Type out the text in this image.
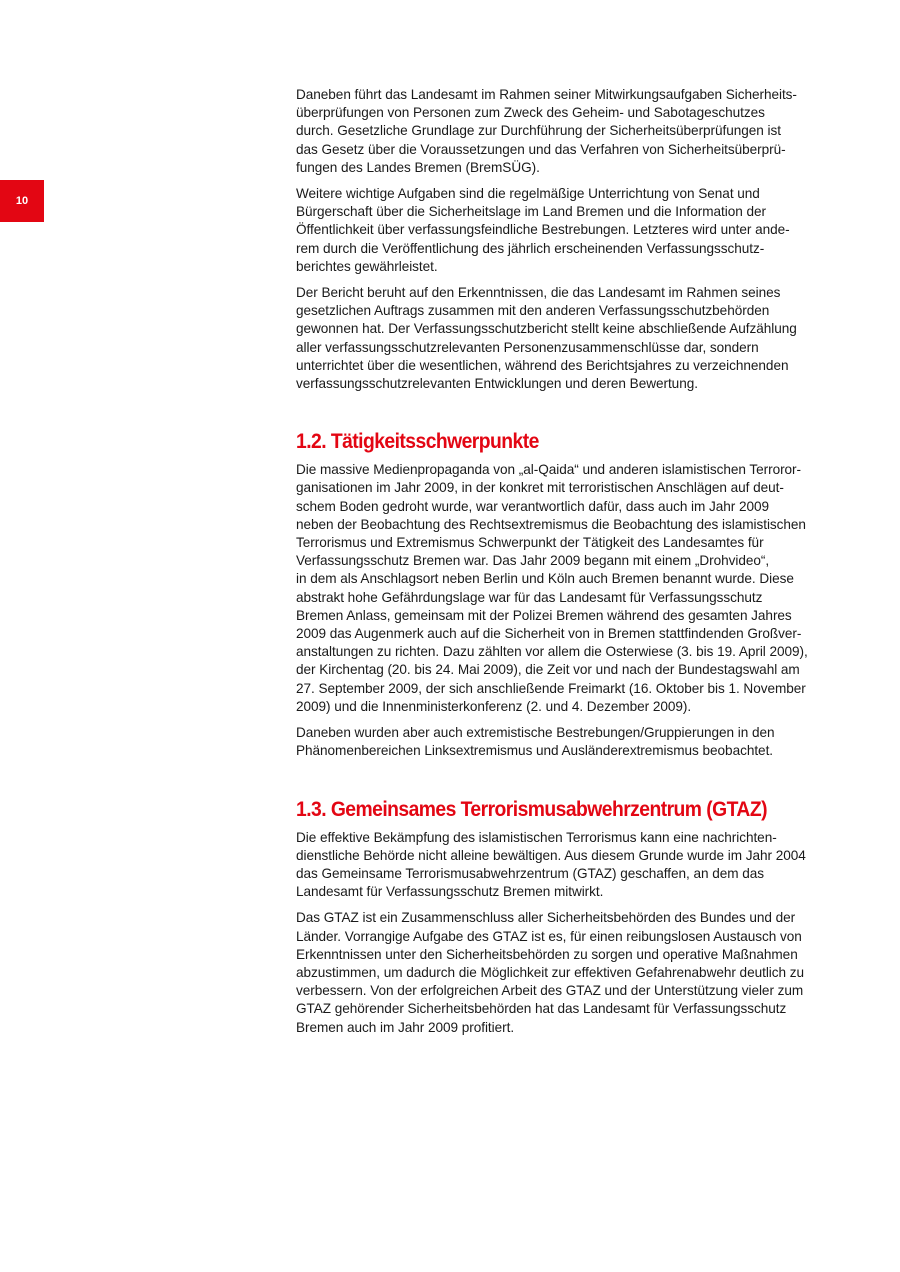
10
Daneben führt das Landesamt im Rahmen seiner Mitwirkungsaufgaben Sicherheits-
überprüfungen von Personen zum Zweck des Geheim- und Sabotageschutzes
durch. Gesetzliche Grundlage zur Durchführung der Sicherheitsüberprüfungen ist
das Gesetz über die Voraussetzungen und das Verfahren von Sicherheitsüberprü-
fungen des Landes Bremen (BremSÜG).
Weitere wichtige Aufgaben sind die regelmäßige Unterrichtung von Senat und
Bürgerschaft über die Sicherheitslage im Land Bremen und die Information der
Öffentlichkeit über verfassungsfeindliche Bestrebungen. Letzteres wird unter ande-
rem durch die Veröffentlichung des jährlich erscheinenden Verfassungsschutz-
berichtes gewährleistet.
Der Bericht beruht auf den Erkenntnissen, die das Landesamt im Rahmen seines
gesetzlichen Auftrags zusammen mit den anderen Verfassungsschutzbehörden
gewonnen hat. Der Verfassungsschutzbericht stellt keine abschließende Aufzählung
aller verfassungsschutzrelevanten Personenzusammenschlüsse dar, sondern
unterrichtet über die wesentlichen, während des Berichtsjahres zu verzeichnenden
verfassungsschutzrelevanten Entwicklungen und deren Bewertung.
1.2. Tätigkeitsschwerpunkte
Die massive Medienpropaganda von „al-Qaida“ und anderen islamistischen Terroror-
ganisationen im Jahr 2009, in der konkret mit terroristischen Anschlägen auf deut-
schem Boden gedroht wurde, war verantwortlich dafür, dass auch im Jahr 2009
neben der Beobachtung des Rechtsextremismus die Beobachtung des islamistischen
Terrorismus und Extremismus Schwerpunkt der Tätigkeit des Landesamtes für
Verfassungsschutz Bremen war. Das Jahr 2009 begann mit einem „Drohvideo“,
in dem als Anschlagsort neben Berlin und Köln auch Bremen benannt wurde. Diese
abstrakt hohe Gefährdungslage war für das Landesamt für Verfassungsschutz
Bremen Anlass, gemeinsam mit der Polizei Bremen während des gesamten Jahres
2009 das Augenmerk auch auf die Sicherheit von in Bremen stattfindenden Großver-
anstaltungen zu richten. Dazu zählten vor allem die Osterwiese (3. bis 19. April 2009),
der Kirchentag (20. bis 24. Mai 2009), die Zeit vor und nach der Bundestagswahl am
27. September 2009, der sich anschließende Freimarkt (16. Oktober bis 1. November
2009) und die Innenministerkonferenz (2. und 4. Dezember 2009).
Daneben wurden aber auch extremistische Bestrebungen/Gruppierungen in den
Phänomenbereichen Linksextremismus und Ausländerextremismus beobachtet.
1.3. Gemeinsames Terrorismusabwehrzentrum (GTAZ)
Die effektive Bekämpfung des islamistischen Terrorismus kann eine nachrichten-
dienstliche Behörde nicht alleine bewältigen. Aus diesem Grunde wurde im Jahr 2004
das Gemeinsame Terrorismusabwehrzentrum (GTAZ) geschaffen, an dem das
Landesamt für Verfassungsschutz Bremen mitwirkt.
Das GTAZ ist ein Zusammenschluss aller Sicherheitsbehörden des Bundes und der
Länder. Vorrangige Aufgabe des GTAZ ist es, für einen reibungslosen Austausch von
Erkenntnissen unter den Sicherheitsbehörden zu sorgen und operative Maßnahmen
abzustimmen, um dadurch die Möglichkeit zur effektiven Gefahrenabwehr deutlich zu
verbessern. Von der erfolgreichen Arbeit des GTAZ und der Unterstützung vieler zum
GTAZ gehörender Sicherheitsbehörden hat das Landesamt für Verfassungsschutz
Bremen auch im Jahr 2009 profitiert.
